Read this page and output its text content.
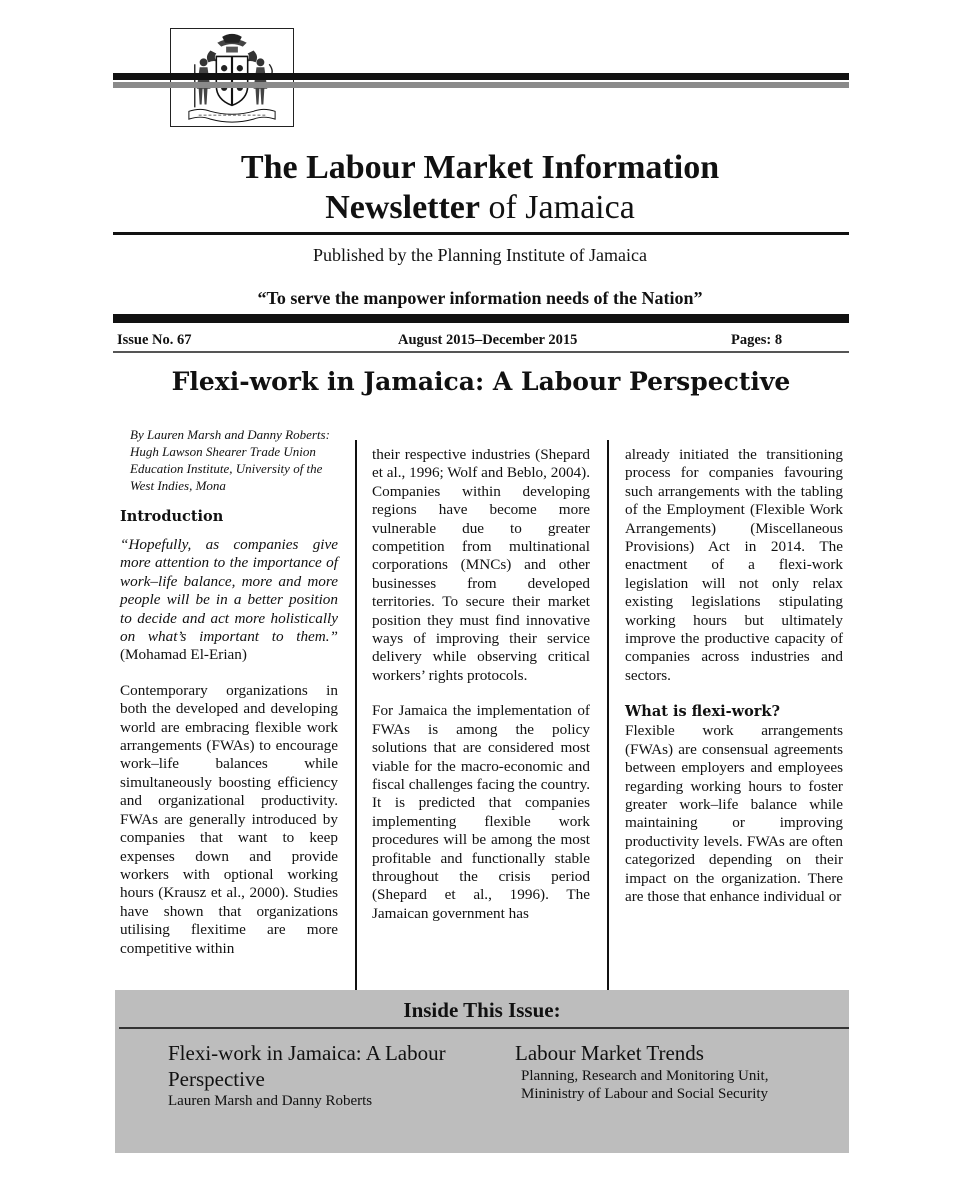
The Labour Market Information
Newsletter of Jamaica
Published by the Planning Institute of Jamaica
“To serve the manpower information needs of the Nation”
Issue No. 67	August 2015–December 2015	Pages: 8
Flexi-work in Jamaica: A Labour Perspective
By Lauren Marsh and Danny Roberts: Hugh Lawson Shearer Trade Union Education Institute, University of the West Indies, Mona
Introduction

“Hopefully, as companies give more attention to the importance of work–life balance, more and more people will be in a better position to decide and act more holistically on what’s important to them.” (Mohamad El-Erian)

Contemporary organizations in both the developed and developing world are embracing flexible work arrangements (FWAs) to encourage work–life balances while simultaneously boosting efficiency and organizational productivity. FWAs are generally introduced by companies that want to keep expenses down and provide workers with optional working hours (Krausz et al., 2000). Studies have shown that organizations utilising flexitime are more competitive within

their respective industries (Shepard et al., 1996; Wolf and Beblo, 2004). Companies within developing regions have become more vulnerable due to greater competition from multinational corporations (MNCs) and other businesses from developed territories. To secure their market position they must find innovative ways of improving their service delivery while observing critical workers’ rights protocols.

For Jamaica the implementation of FWAs is among the policy solutions that are considered most viable for the macro-economic and fiscal challenges facing the country. It is predicted that companies implementing flexible work procedures will be among the most profitable and functionally stable throughout the crisis period (Shepard et al., 1996). The Jamaican government has

already initiated the transitioning process for companies favouring such arrangements with the tabling of the Employment (Flexible Work Arrangements) (Miscellaneous Provisions) Act in 2014. The enactment of a flexi-work legislation will not only relax existing legislations stipulating working hours but ultimately improve the productive capacity of companies across industries and sectors.

What is flexi-work?

Flexible work arrangements (FWAs) are consensual agreements between employers and employees regarding working hours to foster greater work–life balance while maintaining or improving productivity levels. FWAs are often categorized depending on their impact on the organization. There are those that enhance individual or

Inside This Issue:
Flexi-work in Jamaica: A Labour Perspective
Lauren Marsh and Danny Roberts
Labour Market Trends
Planning, Research and Monitoring Unit, Mininistry of Labour and Social Security
